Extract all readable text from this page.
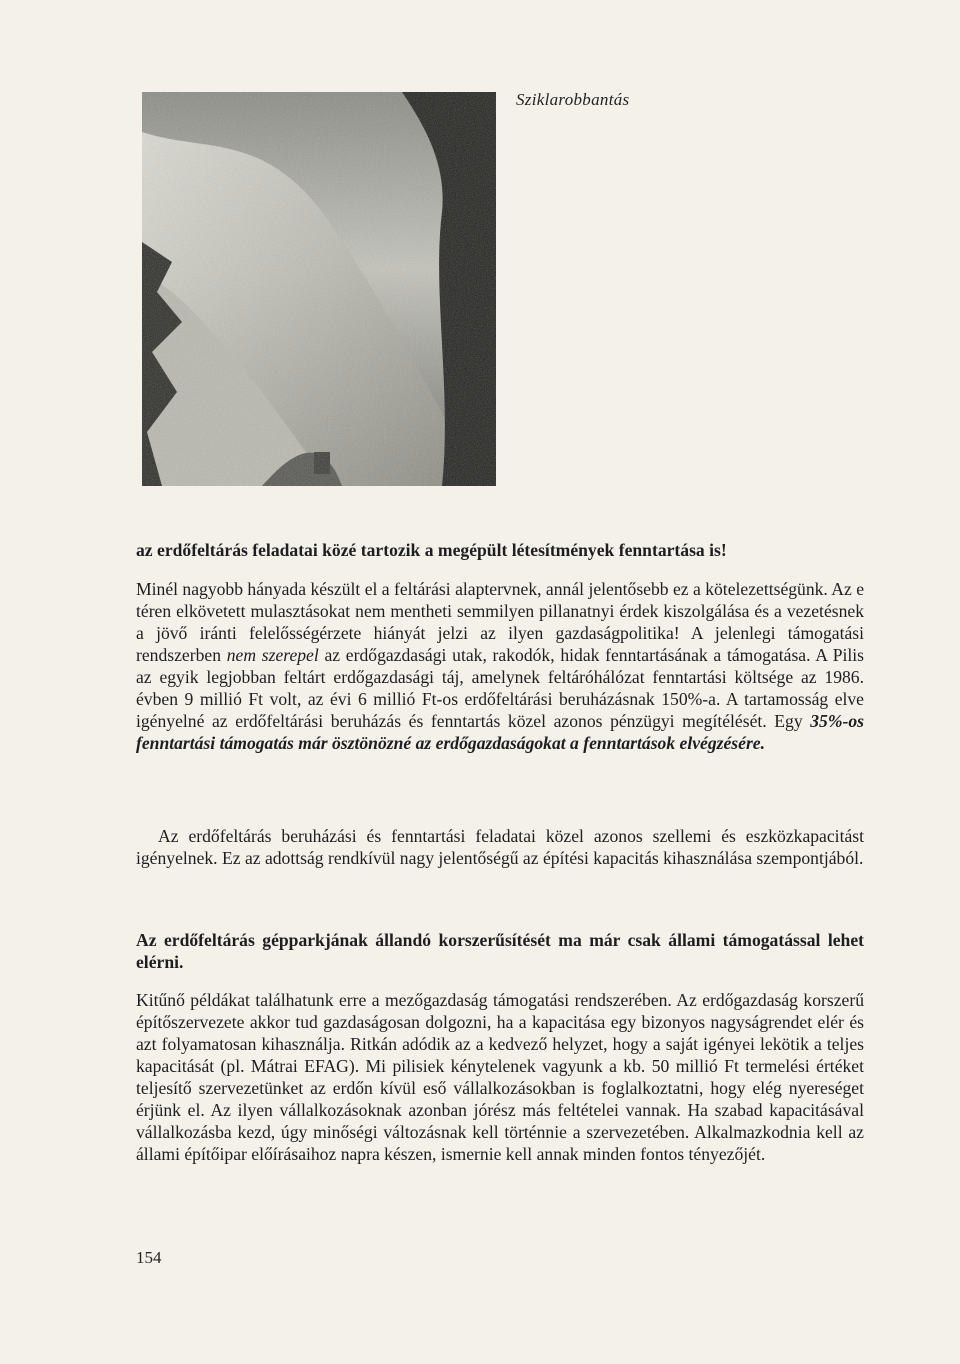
Sziklarobbantás

az erdőfeltárás feladatai közé tartozik a megépült létesítmények fenntartása is!

Minél nagyobb hányada készült el a feltárási alaptervnek, annál jelentősebb ez a kötelezettségünk. Az e téren elkövetett mulasztásokat nem mentheti semmilyen pillanatnyi érdek kiszolgálása és a vezetésnek a jövő iránti felelősségérzete hiányát jelzi az ilyen gazdaságpolitika! A jelenlegi támogatási rendszerben nem szerepel az erdőgazdasági utak, rakodók, hidak fenntartásának a támogatása. A Pilis az egyik legjobban feltárt erdőgazdasági táj, amelynek feltáróhálózat fenntartási költsége az 1986. évben 9 millió Ft volt, az évi 6 millió Ft-os erdőfeltárási beruházásnak 150%-a. A tartamosság elve igényelné az erdőfeltárási beruházás és fenntartás közel azonos pénzügyi megítélését. Egy 35%-os fenntartási támogatás már ösztönözné az erdőgazdaságokat a fenntartások elvégzésére.

Az erdőfeltárás beruházási és fenntartási feladatai közel azonos szellemi és eszközkapacitást igényelnek. Ez az adottság rendkívül nagy jelentőségű az építési kapacitás kihasználása szempontjából.

Az erdőfeltárás gépparkjának állandó korszerűsítését ma már csak állami támogatással lehet elérni.

Kitűnő példákat találhatunk erre a mezőgazdaság támogatási rendszerében. Az erdőgazdaság korszerű építőszervezete akkor tud gazdaságosan dolgozni, ha a kapacitása egy bizonyos nagyságrendet elér és azt folyamatosan kihasználja. Ritkán adódik az a kedvező helyzet, hogy a saját igényei lekötik a teljes kapacitását (pl. Mátrai EFAG). Mi pilisiek kénytelenek vagyunk a kb. 50 millió Ft termelési értéket teljesítő szervezetünket az erdőn kívül eső vállalkozásokban is foglalkoztatni, hogy elég nyereséget érjünk el. Az ilyen vállalkozásoknak azonban jórész más feltételei vannak. Ha szabad kapacitásával vállalkozásba kezd, úgy minőségi változásnak kell történnie a szervezetében. Alkalmazkodnia kell az állami építőipar előírásaihoz napra készen, ismernie kell annak minden fontos tényezőjét.

154
